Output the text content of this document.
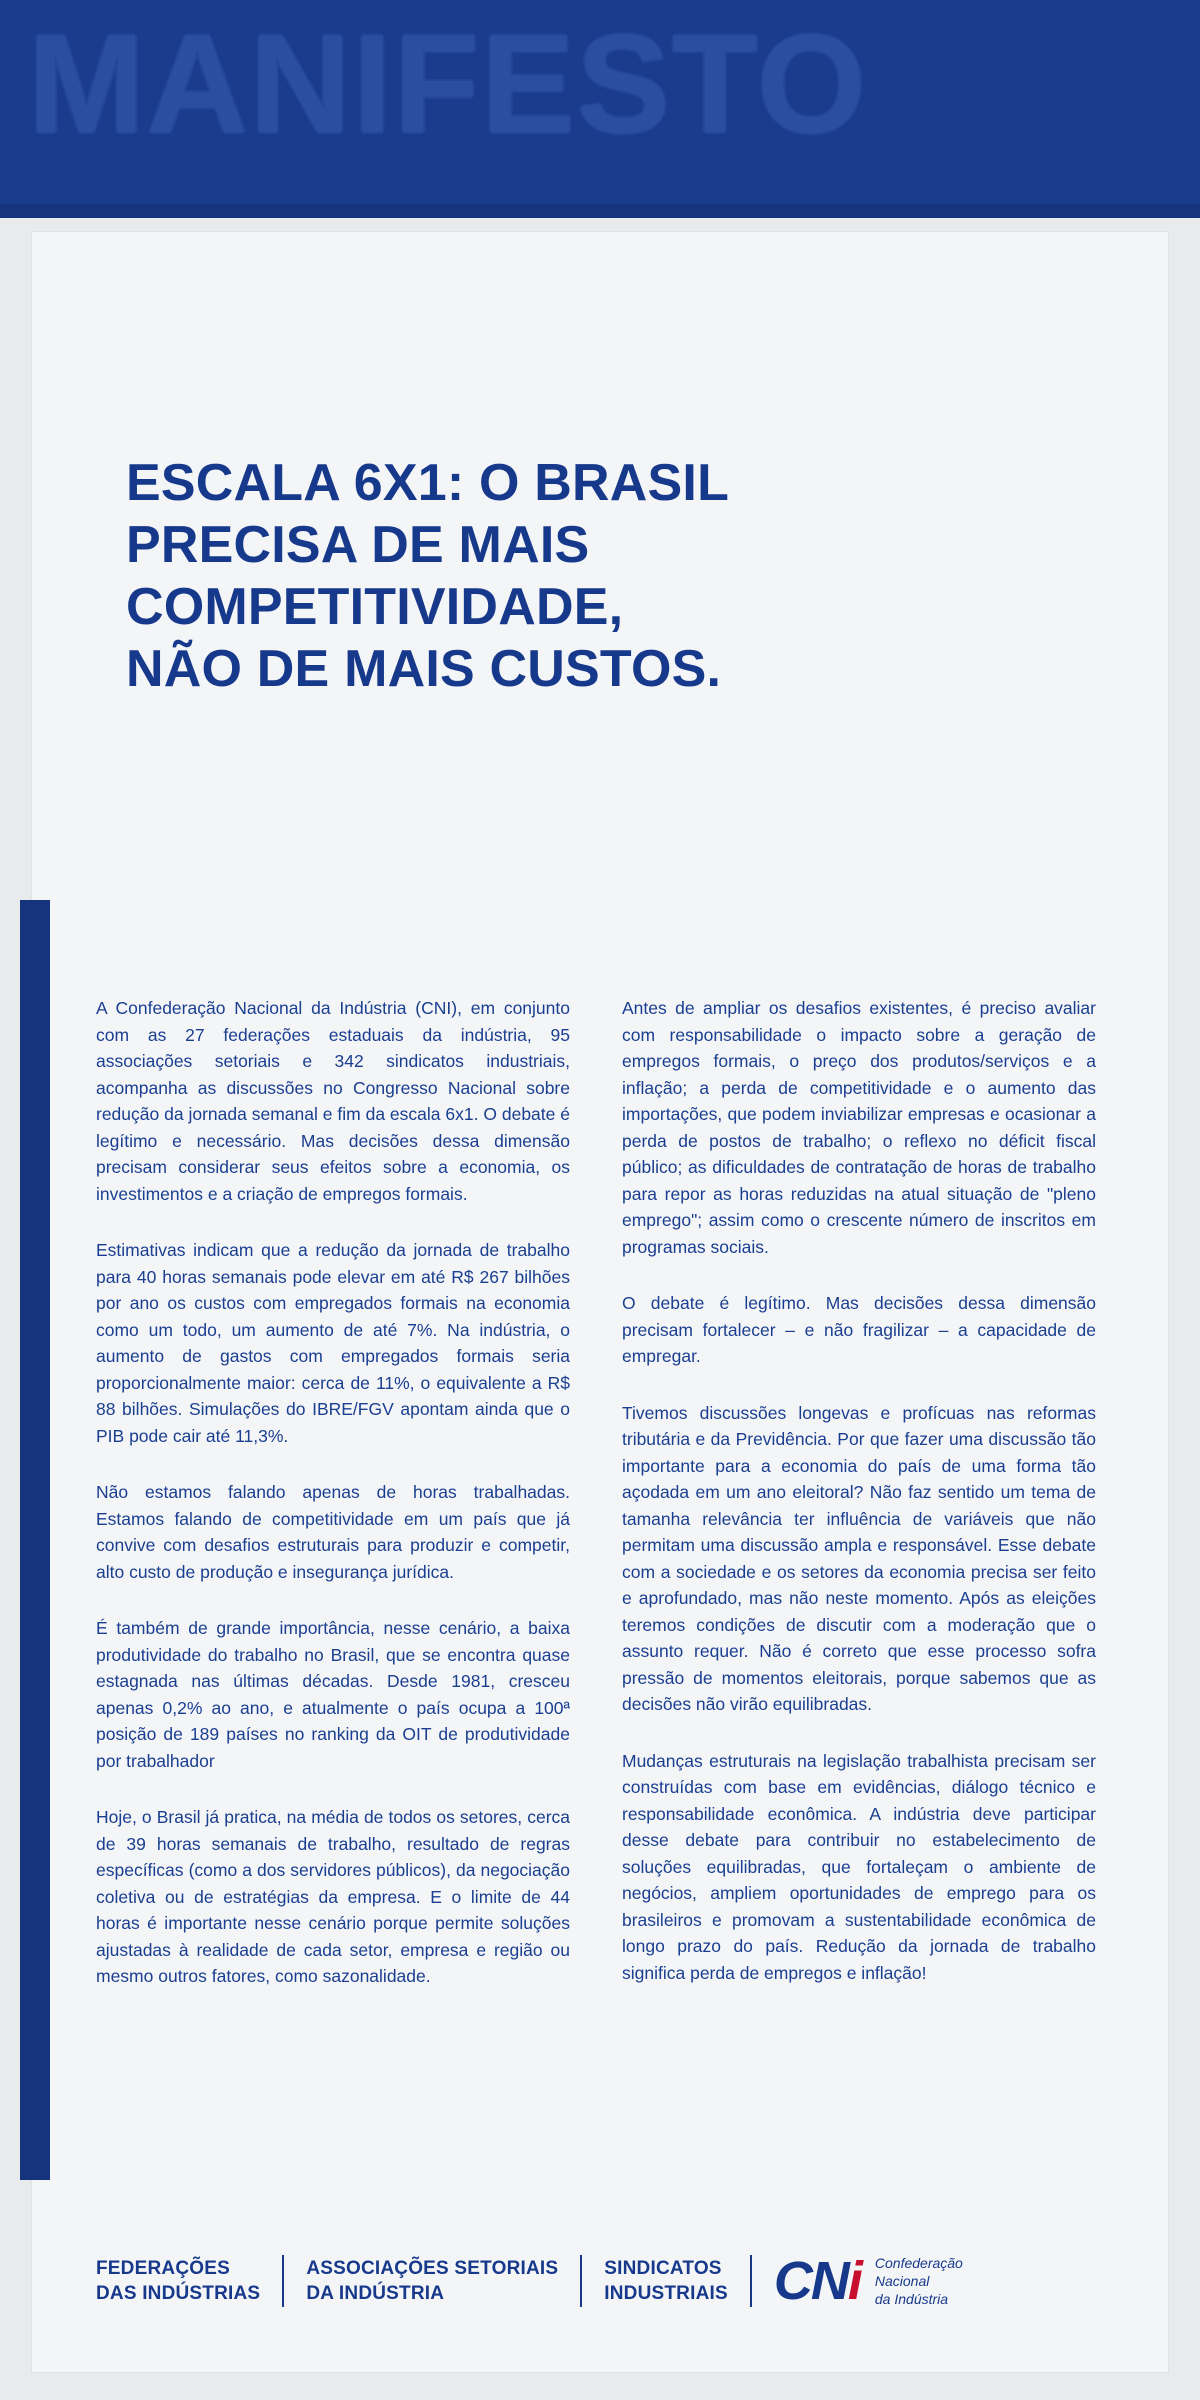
MANIFESTO
ESCALA 6X1: O BRASIL
PRECISA DE MAIS
COMPETITIVIDADE,
NÃO DE MAIS CUSTOS.

A Confederação Nacional da Indústria (CNI), em conjunto com as 27 federações estaduais da indústria, 95 associações setoriais e 342 sindicatos industriais, acompanha as discussões no Congresso Nacional sobre redução da jornada semanal e fim da escala 6x1. O debate é legítimo e necessário. Mas decisões dessa dimensão precisam considerar seus efeitos sobre a economia, os investimentos e a criação de empregos formais.

Estimativas indicam que a redução da jornada de trabalho para 40 horas semanais pode elevar em até R$ 267 bilhões por ano os custos com empregados formais na economia como um todo, um aumento de até 7%. Na indústria, o aumento de gastos com empregados formais seria proporcionalmente maior: cerca de 11%, o equivalente a R$ 88 bilhões. Simulações do IBRE/FGV apontam ainda que o PIB pode cair até 11,3%.

Não estamos falando apenas de horas trabalhadas. Estamos falando de competitividade em um país que já convive com desafios estruturais para produzir e competir, alto custo de produção e insegurança jurídica.

É também de grande importância, nesse cenário, a baixa produtividade do trabalho no Brasil, que se encontra quase estagnada nas últimas décadas. Desde 1981, cresceu apenas 0,2% ao ano, e atualmente o país ocupa a 100ª posição de 189 países no ranking da OIT de produtividade por trabalhador

Hoje, o Brasil já pratica, na média de todos os setores, cerca de 39 horas semanais de trabalho, resultado de regras específicas (como a dos servidores públicos), da negociação coletiva ou de estratégias da empresa. E o limite de 44 horas é importante nesse cenário porque permite soluções ajustadas à realidade de cada setor, empresa e região ou mesmo outros fatores, como sazonalidade.

Antes de ampliar os desafios existentes, é preciso avaliar com responsabilidade o impacto sobre a geração de empregos formais, o preço dos produtos/serviços e a inflação; a perda de competitividade e o aumento das importações, que podem inviabilizar empresas e ocasionar a perda de postos de trabalho; o reflexo no déficit fiscal público; as dificuldades de contratação de horas de trabalho para repor as horas reduzidas na atual situação de "pleno emprego"; assim como o crescente número de inscritos em programas sociais.

O debate é legítimo. Mas decisões dessa dimensão precisam fortalecer – e não fragilizar – a capacidade de empregar.

Tivemos discussões longevas e profícuas nas reformas tributária e da Previdência. Por que fazer uma discussão tão importante para a economia do país de uma forma tão açodada em um ano eleitoral? Não faz sentido um tema de tamanha relevância ter influência de variáveis que não permitam uma discussão ampla e responsável. Esse debate com a sociedade e os setores da economia precisa ser feito e aprofundado, mas não neste momento. Após as eleições teremos condições de discutir com a moderação que o assunto requer. Não é correto que esse processo sofra pressão de momentos eleitorais, porque sabemos que as decisões não virão equilibradas.

Mudanças estruturais na legislação trabalhista precisam ser construídas com base em evidências, diálogo técnico e responsabilidade econômica. A indústria deve participar desse debate para contribuir no estabelecimento de soluções equilibradas, que fortaleçam o ambiente de negócios, ampliem oportunidades de emprego para os brasileiros e promovam a sustentabilidade econômica de longo prazo do país. Redução da jornada de trabalho significa perda de empregos e inflação!

FEDERAÇÕES
DAS INDÚSTRIAS
ASSOCIAÇÕES SETORIAIS
DA INDÚSTRIA
SINDICATOS
INDUSTRIAIS CNi Confederação
Nacional
da Indústria
